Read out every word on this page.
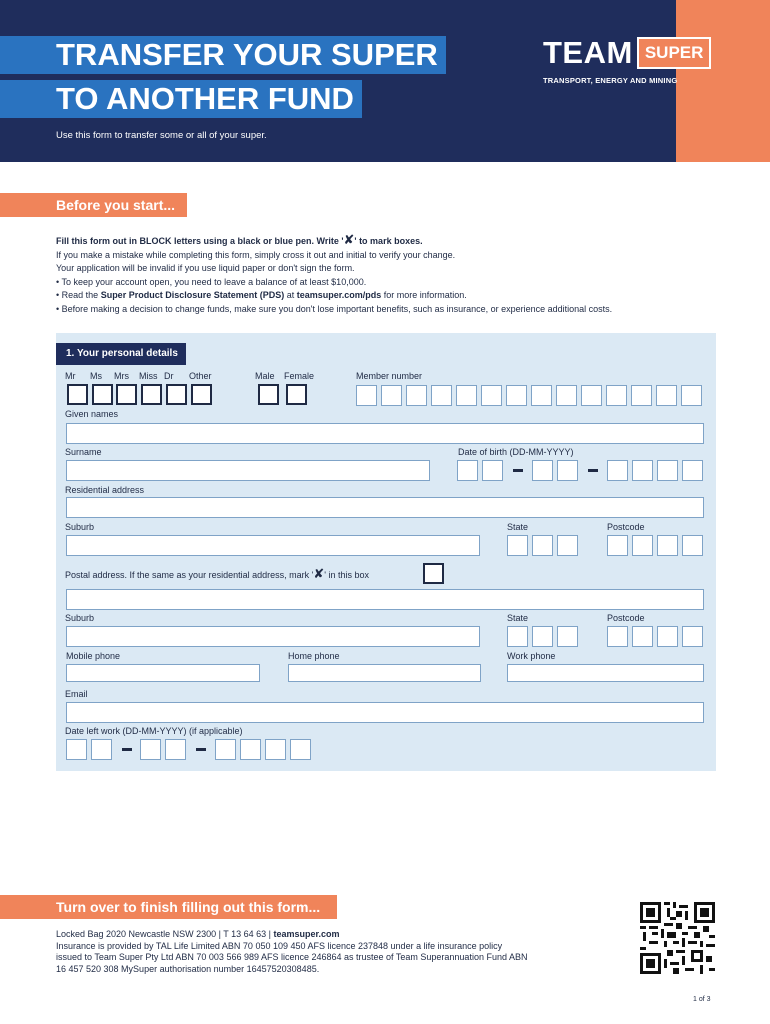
TRANSFER YOUR SUPER
TO ANOTHER FUND
Use this form to transfer some or all of your super.
TEAM SUPER
TRANSPORT, ENERGY AND MINING
Before you start...
Fill this form out in BLOCK letters using a black or blue pen. Write '✘' to mark boxes.
If you make a mistake while completing this form, simply cross it out and initial to verify your change.
Your application will be invalid if you use liquid paper or don't sign the form.
• To keep your account open, you need to leave a balance of at least $10,000.
• Read the Super Product Disclosure Statement (PDS) at teamsuper.com/pds for more information.
• Before making a decision to change funds, make sure you don't lose important benefits, such as insurance, or experience additional costs.
1. Your personal details
Mr Ms Mrs Miss Dr Other	Male Female	Member number
Given names
Surname	Date of birth (DD-MM-YYYY)
Residential address
Suburb	State	Postcode
Postal address. If the same as your residential address, mark '✘' in this box
Suburb	State	Postcode
Mobile phone	Home phone	Work phone
Email
Date left work (DD-MM-YYYY) (if applicable)
Turn over to finish filling out this form...
Locked Bag 2020 Newcastle NSW 2300 | T 13 64 63 | teamsuper.com
Insurance is provided by TAL Life Limited ABN 70 050 109 450 AFS licence 237848 under a life insurance policy
issued to Team Super Pty Ltd ABN 70 003 566 989 AFS licence 246864 as trustee of Team Superannuation Fund ABN
16 457 520 308 MySuper authorisation number 16457520308485.
1 of 3
